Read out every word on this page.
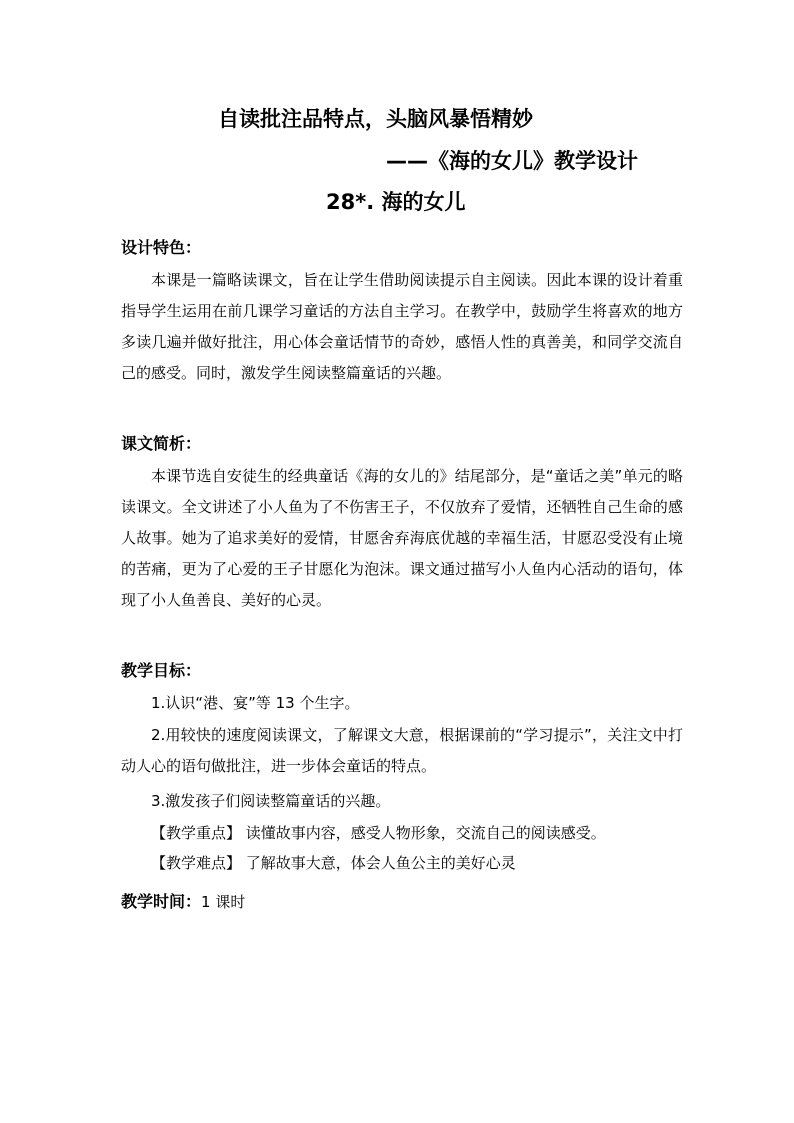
自读批注品特点，头脑风暴悟精妙
——《海的女儿》教学设计
28*. 海的女儿
设计特色：
本课是一篇略读课文，旨在让学生借助阅读提示自主阅读。因此本课的设计着重指导学生运用在前几课学习童话的方法自主学习。在教学中，鼓励学生将喜欢的地方多读几遍并做好批注，用心体会童话情节的奇妙，感悟人性的真善美，和同学交流自己的感受。同时，激发学生阅读整篇童话的兴趣。
课文简析：
本课节选自安徒生的经典童话《海的女儿的》结尾部分，是“童话之美”单元的略读课文。全文讲述了小人鱼为了不伤害王子，不仅放弃了爱情，还牺牲自己生命的感人故事。她为了追求美好的爱情，甘愿舍弃海底优越的幸福生活，甘愿忍受没有止境的苦痛，更为了心爱的王子甘愿化为泡沫。课文通过描写小人鱼内心活动的语句，体现了小人鱼善良、美好的心灵。
教学目标：
1.认识“港、宴”等 13 个生字。
2.用较快的速度阅读课文，了解课文大意，根据课前的“学习提示”，关注文中打动人心的语句做批注，进一步体会童话的特点。
3.激发孩子们阅读整篇童话的兴趣。
【教学重点】 读懂故事内容，感受人物形象，交流自己的阅读感受。
【教学难点】 了解故事大意，体会人鱼公主的美好心灵
教学时间：1 课时
